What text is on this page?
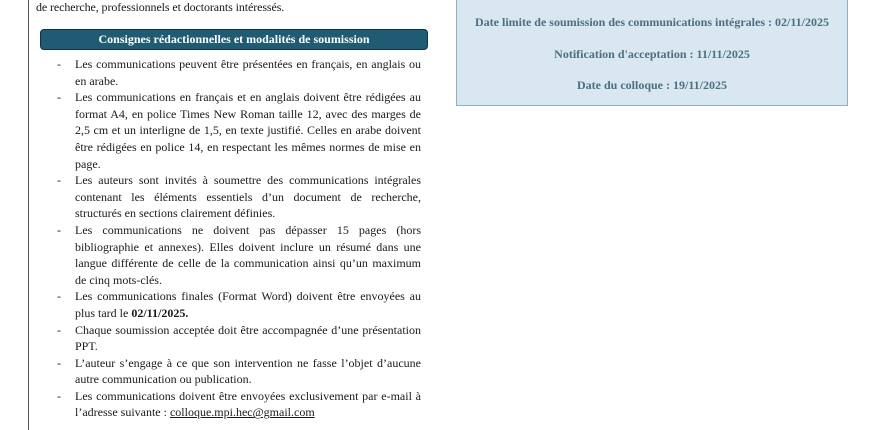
de recherche, professionnels et doctorants intéressés.
Consignes rédactionnelles et modalités de soumission
- Les communications peuvent être présentées en français, en anglais ou en arabe.
- Les communications en français et en anglais doivent être rédigées au format A4, en police Times New Roman taille 12, avec des marges de 2,5 cm et un interligne de 1,5, en texte justifié. Celles en arabe doivent être rédigées en police 14, en respectant les mêmes normes de mise en page.
- Les auteurs sont invités à soumettre des communications intégrales contenant les éléments essentiels d’un document de recherche, structurés en sections clairement définies.
- Les communications ne doivent pas dépasser 15 pages (hors bibliographie et annexes). Elles doivent inclure un résumé dans une langue différente de celle de la communication ainsi qu’un maximum de cinq mots-clés.
- Les communications finales (Format Word) doivent être envoyées au plus tard le 02/11/2025.
- Chaque soumission acceptée doit être accompagnée d’une présentation PPT.
- L’auteur s’engage à ce que son intervention ne fasse l’objet d’aucune autre communication ou publication.
- Les communications doivent être envoyées exclusivement par e-mail à l’adresse suivante : colloque.mpi.hec@gmail.com
Date limite de soumission des communications intégrales : 02/11/2025
Notification d'acceptation : 11/11/2025
Date du colloque : 19/11/2025
